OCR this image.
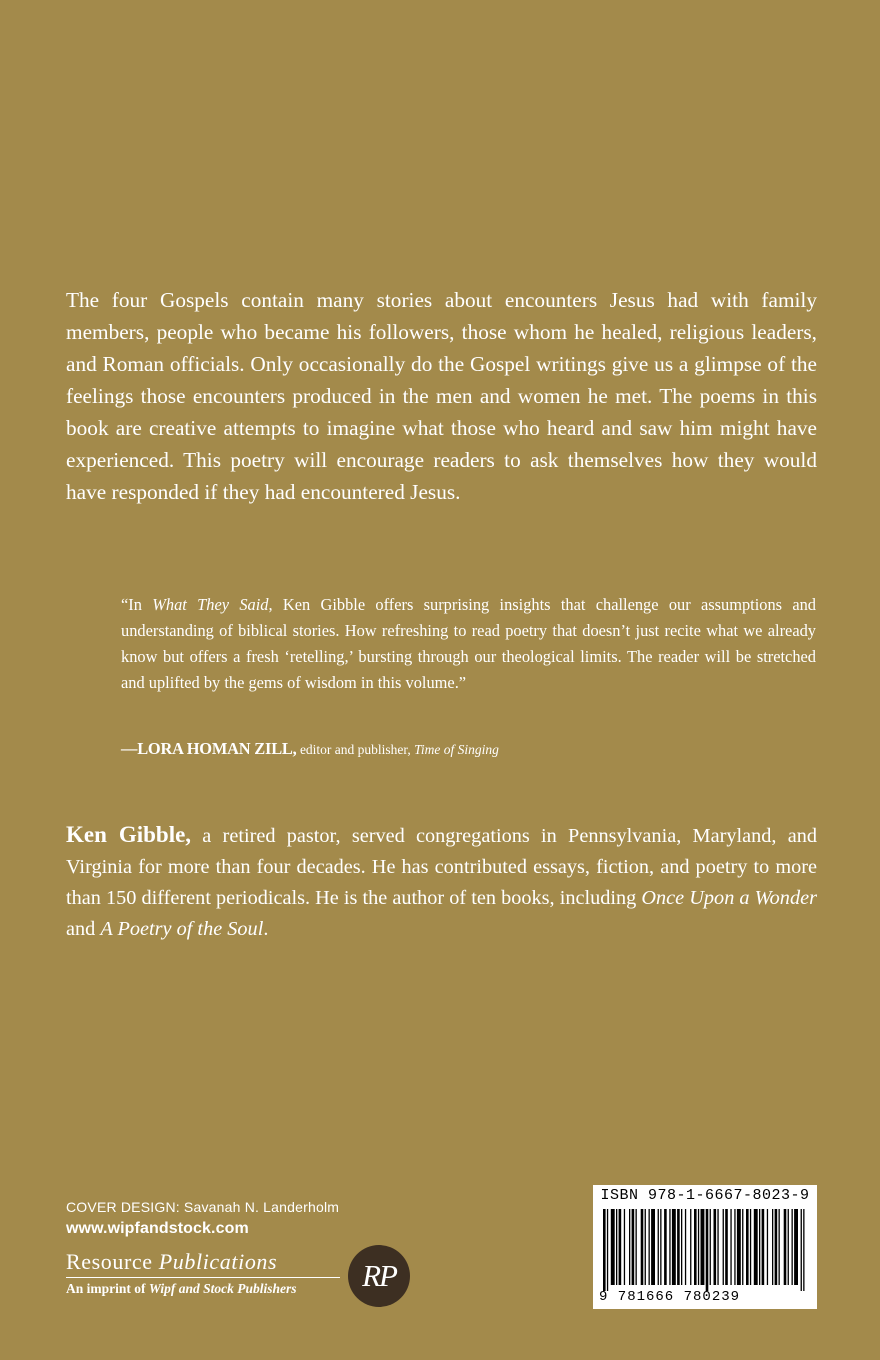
The four Gospels contain many stories about encounters Jesus had with family members, people who became his followers, those whom he healed, religious leaders, and Roman officials. Only occasionally do the Gospel writings give us a glimpse of the feelings those encounters produced in the men and women he met. The poems in this book are creative attempts to imagine what those who heard and saw him might have experienced. This poetry will encourage readers to ask themselves how they would have responded if they had encountered Jesus.

“In What They Said, Ken Gibble offers surprising insights that challenge our assumptions and understanding of biblical stories. How refreshing to read poetry that doesn’t just recite what we already know but offers a fresh ‘retelling,’ bursting through our theological limits. The reader will be stretched and uplifted by the gems of wisdom in this volume.”

—LORA HOMAN ZILL, editor and publisher, Time of Singing

Ken Gibble, a retired pastor, served congregations in Pennsylvania, Maryland, and Virginia for more than four decades. He has contributed essays, fiction, and poetry to more than 150 different periodicals. He is the author of ten books, including Once Upon a Wonder and A Poetry of the Soul.

COVER DESIGN: Savanah N. Landerholm
www.wipfandstock.com
Resource Publications
An imprint of Wipf and Stock Publishers	RP
ISBN 978-1-6667-8023-9
9 781666 780239
